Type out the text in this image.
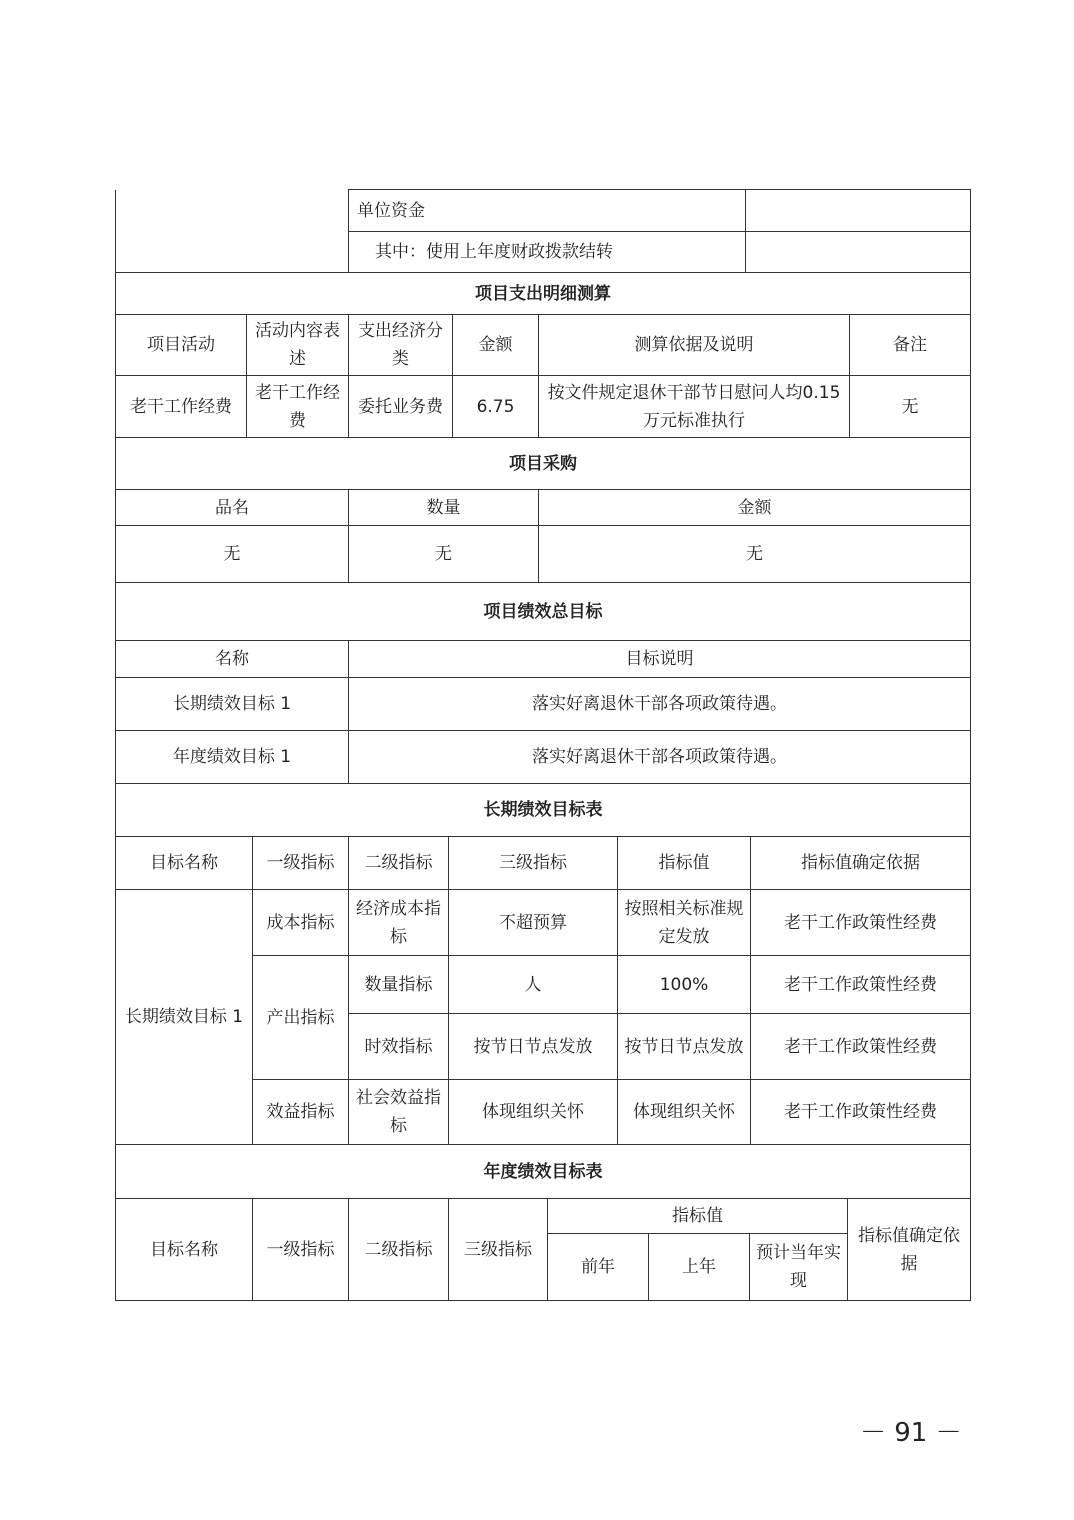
	单位资金	
	其中：使用上年度财政拨款结转	
项目支出明细测算					
项目活动	活动内容表述	支出经济分类	金额	测算依据及说明	备注
老干工作经费	老干工作经费	委托业务费	6.75	按文件规定退休干部节日慰问人均0.15 万元标准执行	无
项目采购		
品名	数量	金额
无	无	无
项目绩效总目标		
名称	目标说明	
长期绩效目标 1	落实好离退休干部各项政策待遇。	
年度绩效目标 1	落实好离退休干部各项政策待遇。	
长期绩效目标表					
目标名称	一级指标	二级指标	三级指标	指标值	指标值确定依据
长期绩效目标 1	成本指标	经济成本指标	不超预算	按照相关标准规定发放	老干工作政策性经费
	产出指标	数量指标	人	100%	老干工作政策性经费
		时效指标	按节日节点发放	按节日节点发放	老干工作政策性经费
	效益指标	社会效益指标	体现组织关怀	体现组织关怀	老干工作政策性经费
年度绩效目标表							
目标名称	一级指标	二级指标	三级指标	指标值			指标值确定依据
				前年	上年	预计当年实现	
－ 91 －
